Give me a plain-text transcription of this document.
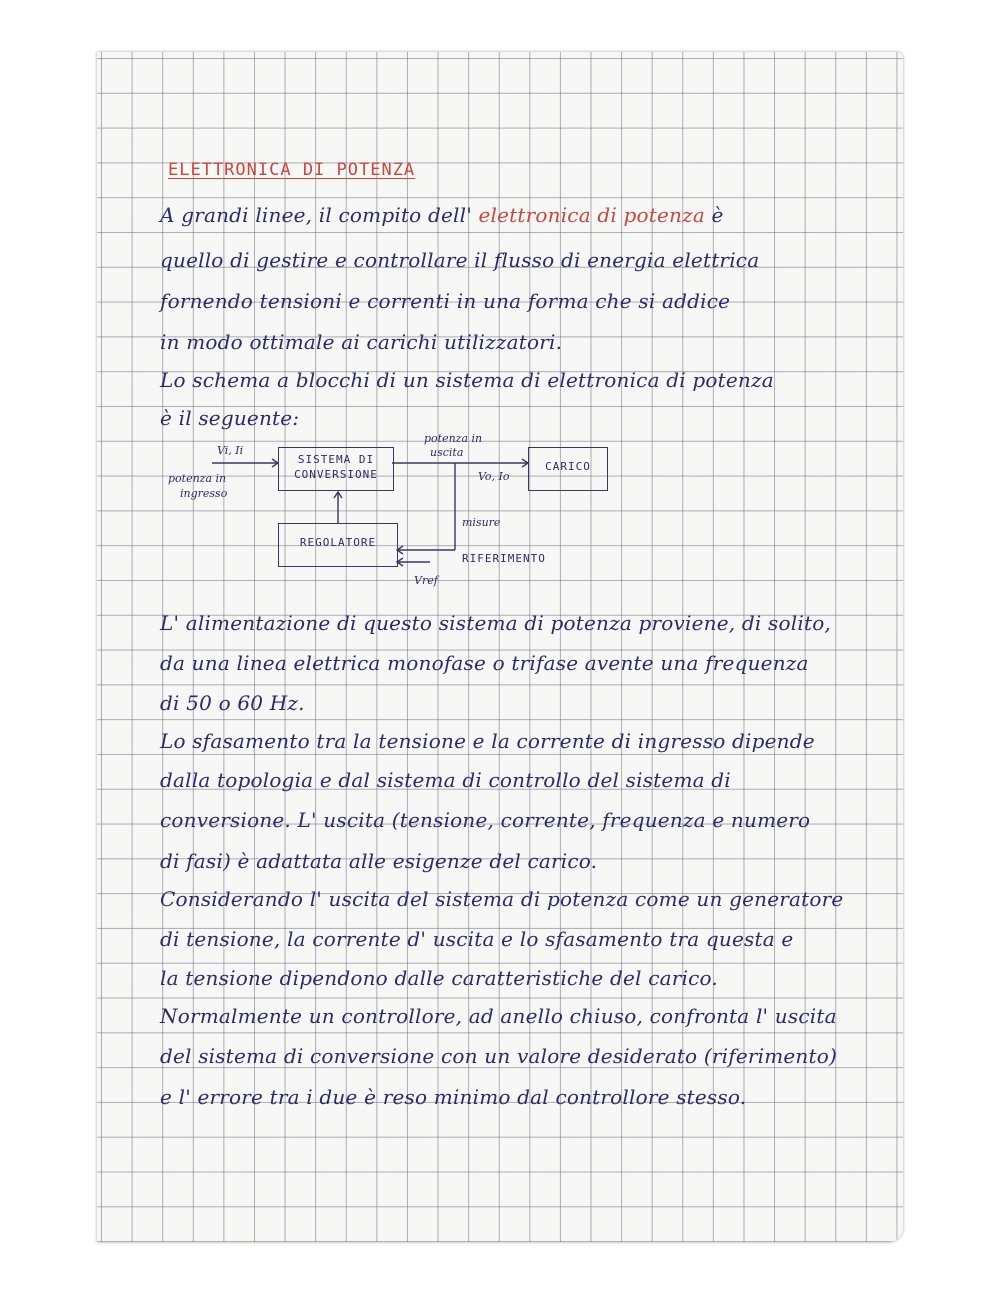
ELETTRONICA DI POTENZA
A grandi linee, il compito dell' elettronica di potenza è
quello di gestire e controllare il flusso di energia elettrica
fornendo tensioni e correnti in una forma che si addice
in modo ottimale ai carichi utilizzatori.
Lo schema a blocchi di un sistema di elettronica di potenza
è il seguente:
SISTEMA DI
CONVERSIONE
CARICO
REGOLATORE
Vi, Ii
potenza in
ingresso
potenza in
uscita
Vo, Io
misure
RIFERIMENTO
Vref
L' alimentazione di questo sistema di potenza proviene, di solito,
da una linea elettrica monofase o trifase avente una frequenza
di 50 o 60 Hz.
Lo sfasamento tra la tensione e la corrente di ingresso dipende
dalla topologia e dal sistema di controllo del sistema di
conversione. L' uscita (tensione, corrente, frequenza e numero
di fasi) è adattata alle esigenze del carico.
Considerando l' uscita del sistema di potenza come un generatore
di tensione, la corrente d' uscita e lo sfasamento tra questa e
la tensione dipendono dalle caratteristiche del carico.
Normalmente un controllore, ad anello chiuso, confronta l' uscita
del sistema di conversione con un valore desiderato (riferimento)
e l' errore tra i due è reso minimo dal controllore stesso.
